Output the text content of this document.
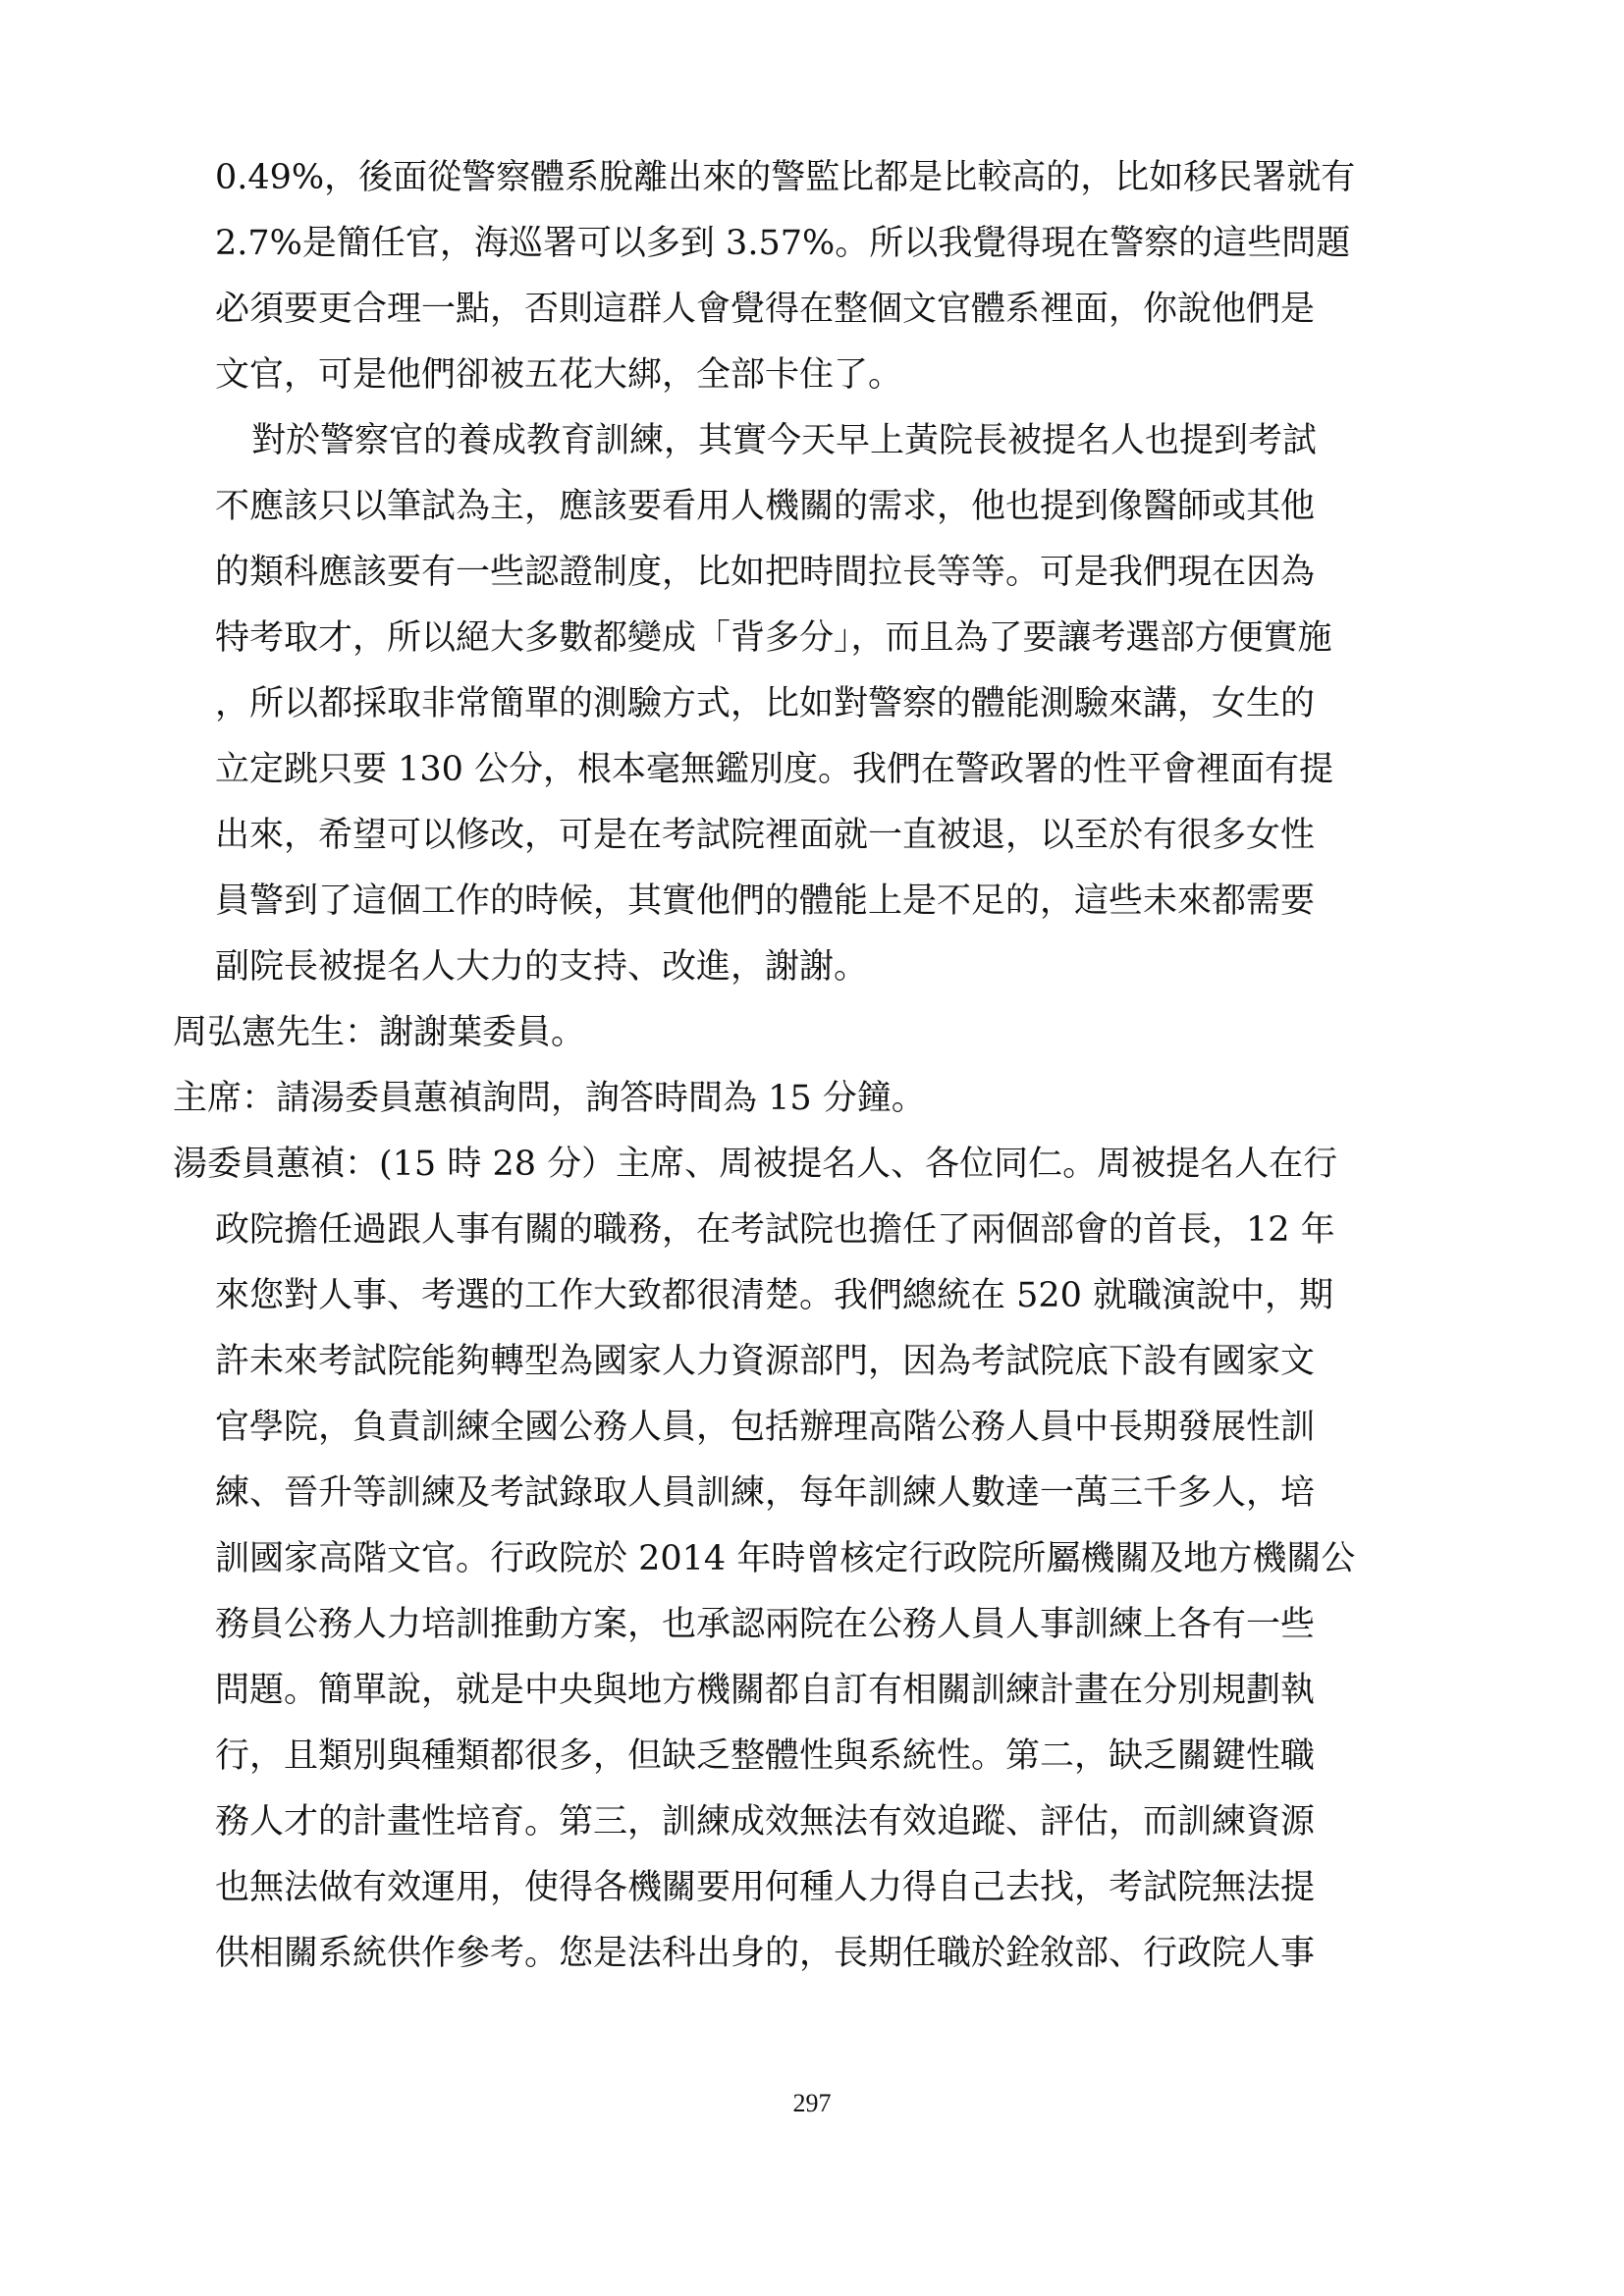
0.49%，後面從警察體系脫離出來的警監比都是比較高的，比如移民署就有
2.7%是簡任官，海巡署可以多到 3.57%。所以我覺得現在警察的這些問題
必須要更合理一點，否則這群人會覺得在整個文官體系裡面，你說他們是
文官，可是他們卻被五花大綁，全部卡住了。
對於警察官的養成教育訓練，其實今天早上黃院長被提名人也提到考試
不應該只以筆試為主，應該要看用人機關的需求，他也提到像醫師或其他
的類科應該要有一些認證制度，比如把時間拉長等等。可是我們現在因為
特考取才，所以絕大多數都變成「背多分」，而且為了要讓考選部方便實施
，所以都採取非常簡單的測驗方式，比如對警察的體能測驗來講，女生的
立定跳只要 130 公分，根本毫無鑑別度。我們在警政署的性平會裡面有提
出來，希望可以修改，可是在考試院裡面就一直被退，以至於有很多女性
員警到了這個工作的時候，其實他們的體能上是不足的，這些未來都需要
副院長被提名人大力的支持、改進，謝謝。
周弘憲先生：謝謝葉委員。
主席：請湯委員蕙禎詢問，詢答時間為 15 分鐘。
湯委員蕙禎：(15 時 28 分）主席、周被提名人、各位同仁。周被提名人在行
政院擔任過跟人事有關的職務，在考試院也擔任了兩個部會的首長，12 年
來您對人事、考選的工作大致都很清楚。我們總統在 520 就職演說中，期
許未來考試院能夠轉型為國家人力資源部門，因為考試院底下設有國家文
官學院，負責訓練全國公務人員，包括辦理高階公務人員中長期發展性訓
練、晉升等訓練及考試錄取人員訓練，每年訓練人數達一萬三千多人，培
訓國家高階文官。行政院於 2014 年時曾核定行政院所屬機關及地方機關公
務員公務人力培訓推動方案，也承認兩院在公務人員人事訓練上各有一些
問題。簡單說，就是中央與地方機關都自訂有相關訓練計畫在分別規劃執
行，且類別與種類都很多，但缺乏整體性與系統性。第二，缺乏關鍵性職
務人才的計畫性培育。第三，訓練成效無法有效追蹤、評估，而訓練資源
也無法做有效運用，使得各機關要用何種人力得自己去找，考試院無法提
供相關系統供作參考。您是法科出身的，長期任職於銓敘部、行政院人事
297
